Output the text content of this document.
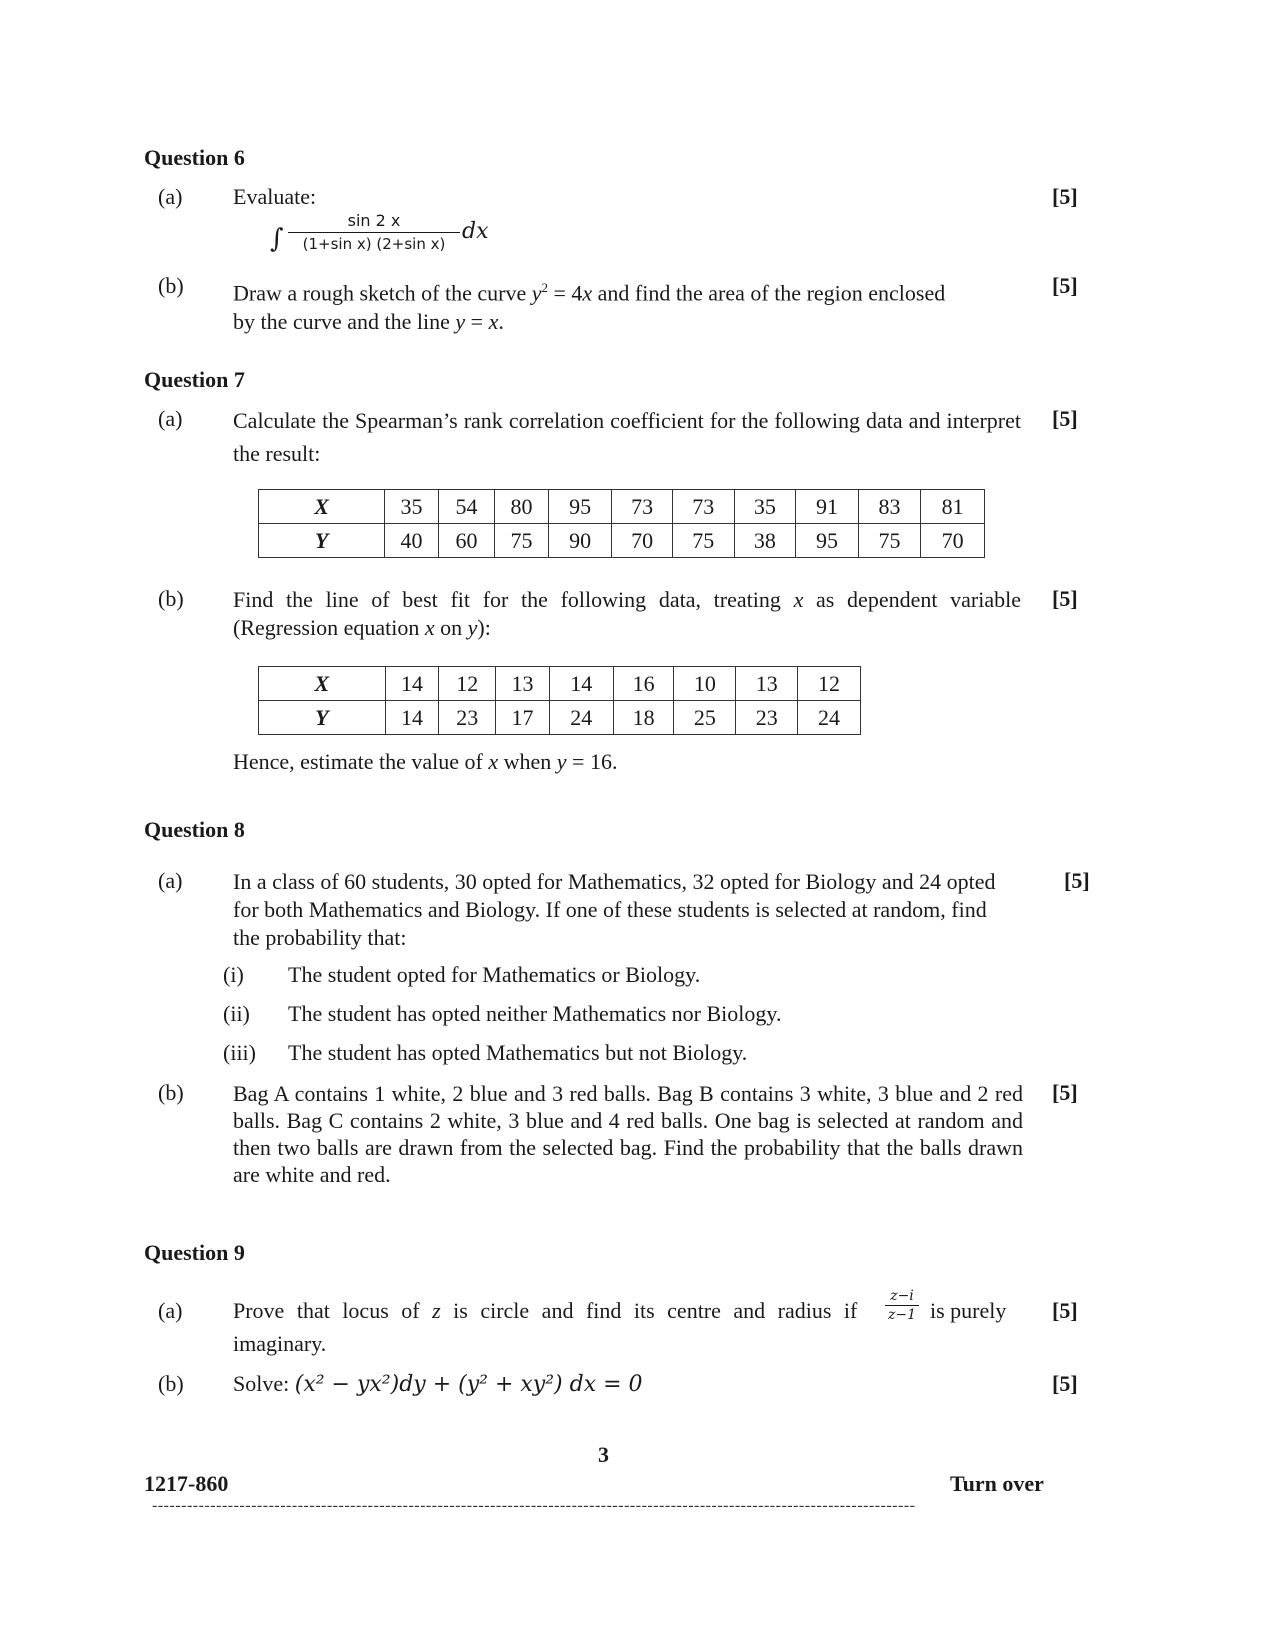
Question 6
(a) Evaluate:	[5]
∫
sin 2 x
(1+sin x) (2+sin x) dx
(b) Draw a rough sketch of the curve $y^2 = 4x$ and find the area of the region enclosed
by the curve and the line y = x.
[5]
Question 7
(a) Calculate the Spearman’s rank correlation coefficient for the following data and interpret the result:
[5]
X	35	54	80	95	73	73	35	91	83	81
Y	40	60	75	90	70	75	38	95	75	70
(b) Find the line of best fit for the following data, treating x as dependent variable
(Regression equation x on y):
[5]
X	14	12	13	14	16	10	13	12
Y	14	23	17	24	18	25	23	24
Hence, estimate the value of x when y = 16.
Question 8
(a) In a class of 60 students, 30 opted for Mathematics, 32 opted for Biology and 24 opted for both Mathematics and Biology. If one of these students is selected at random, find the probability that:
[5]
(i) The student opted for Mathematics or Biology.
(ii) The student has opted neither Mathematics nor Biology.
(iii) The student has opted Mathematics but not Biology.
(b) Bag A contains 1 white, 2 blue and 3 red balls. Bag B contains 3 white, 3 blue and 2 red balls. Bag C contains 2 white, 3 blue and 4 red balls. One bag is selected at random and then two balls are drawn from the selected bag. Find the probability that the balls drawn are white and red.
[5]
Question 9
(a) Prove that locus of z is circle and find its centre and radius if
z−i
z−1 is purely
imaginary.
[5]
(b) Solve: (x² − yx²)dy + (y² + xy²) dx = 0	[5]
-----------------------------------------------------------------------------------------------------------------------------------
3
1217-860	Turn over
